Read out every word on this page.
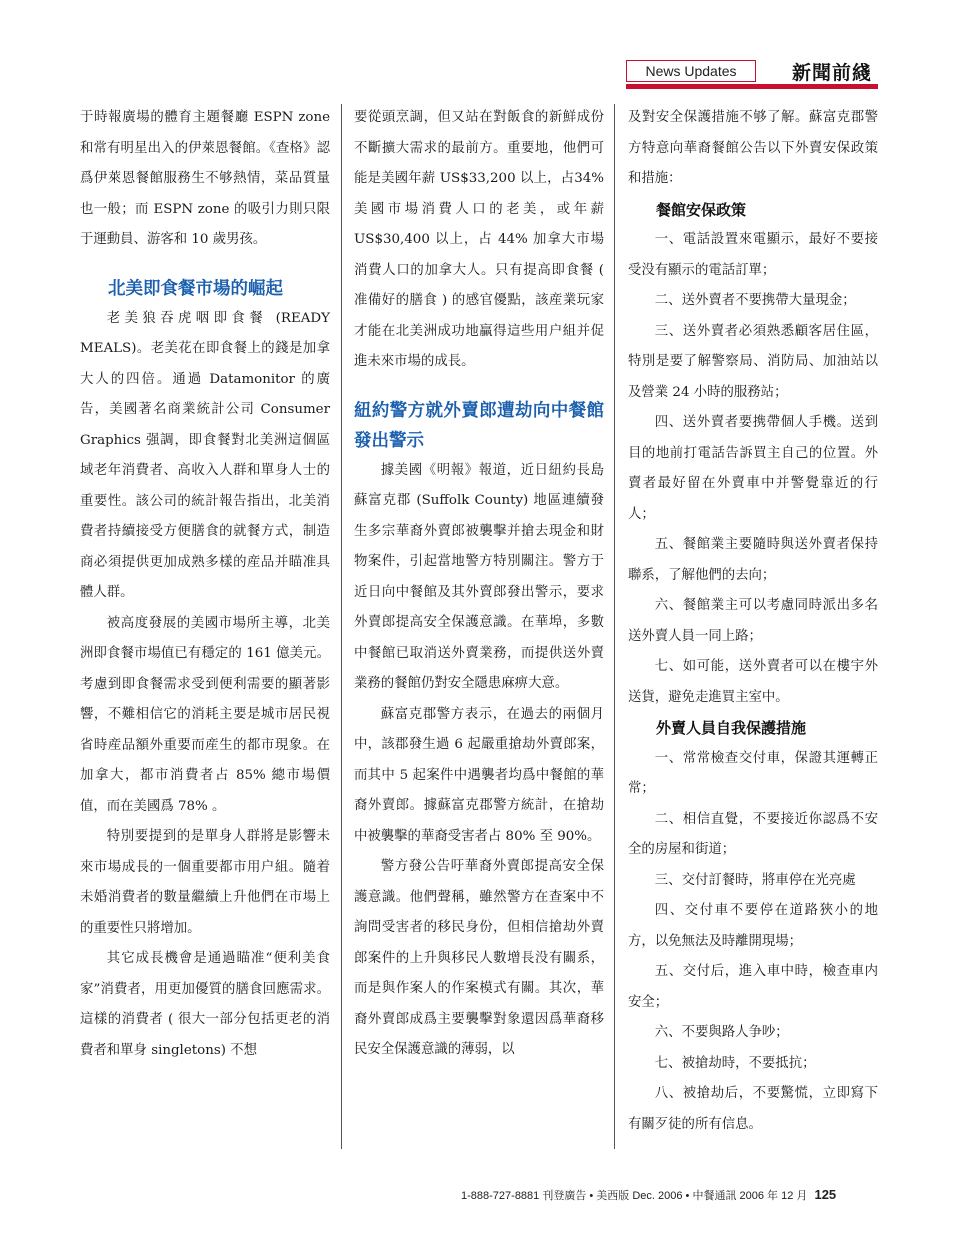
News Updates	新聞前綫

于時報廣場的體育主題餐廳 ESPN zone 和常有明星出入的伊萊恩餐館。《查格》認爲伊萊恩餐館服務生不够熱情，菜品質量也一般；而 ESPN zone 的吸引力則只限于運動員、游客和 10 歲男孩。

北美即食餐市場的崛起

老美狼吞虎咽即食餐 (READY MEALS)。老美花在即食餐上的錢是加拿大人的四倍。通過 Datamonitor 的廣告，美國著名商業統計公司 Consumer Graphics 强調，即食餐對北美洲這個區域老年消費者、高收入人群和單身人士的重要性。該公司的統計報告指出，北美消費者持續接受方便膳食的就餐方式，制造商必須提供更加成熟多樣的産品并瞄准具體人群。

被高度發展的美國市場所主導，北美洲即食餐市場值已有穩定的 161 億美元。考慮到即食餐需求受到便利需要的顯著影響，不難相信它的消耗主要是城市居民視省時産品額外重要而産生的都市現象。在加拿大，都市消費者占 85% 總市場價值，而在美國爲 78% 。

特別要提到的是單身人群將是影響未來市場成長的一個重要都市用户組。隨着未婚消費者的數量繼續上升他們在市場上的重要性只將增加。

其它成長機會是通過瞄准“便利美食家”消費者，用更加優質的膳食回應需求。這樣的消費者 ( 很大一部分包括更老的消費者和單身 singletons) 不想

要從頭烹調，但又站在對飯食的新鮮成份不斷擴大需求的最前方。重要地，他們可能是美國年薪 US$33,200 以上，占34% 美國市場消費人口的老美，或年薪 US$30,400 以上，占 44% 加拿大市場消費人口的加拿大人。只有提高即食餐 ( 准備好的膳食 ) 的感官優點，該産業玩家才能在北美洲成功地贏得這些用户組并促進未來市場的成長。

紐約警方就外賣郎遭劫向中餐館發出警示

據美國《明報》報道，近日紐約長島蘇富克郡 (Suffolk County) 地區連續發生多宗華裔外賣郎被襲擊并搶去現金和財物案件，引起當地警方特別關注。警方于近日向中餐館及其外賣郎發出警示，要求外賣郎提高安全保護意識。在華埠，多數中餐館已取消送外賣業務，而提供送外賣業務的餐館仍對安全隱患麻痹大意。

蘇富克郡警方表示，在過去的兩個月中，該郡發生過 6 起嚴重搶劫外賣郎案，而其中 5 起案件中遇襲者均爲中餐館的華裔外賣郎。據蘇富克郡警方統計，在搶劫中被襲擊的華裔受害者占 80% 至 90%。

警方發公告吁華裔外賣郎提高安全保護意識。他們聲稱，雖然警方在查案中不詢問受害者的移民身份，但相信搶劫外賣郎案件的上升與移民人數增長没有關系，而是與作案人的作案模式有關。其次，華裔外賣郎成爲主要襲擊對象還因爲華裔移民安全保護意識的薄弱，以

及對安全保護措施不够了解。蘇富克郡警方特意向華裔餐館公告以下外賣安保政策和措施：

餐館安保政策

一、電話設置來電顯示，最好不要接受没有顯示的電話訂單；

二、送外賣者不要携帶大量現金；

三、送外賣者必須熟悉顧客居住區，特別是要了解警察局、消防局、加油站以及營業 24 小時的服務站；

四、送外賣者要携帶個人手機。送到目的地前打電話告訴買主自己的位置。外賣者最好留在外賣車中并警覺靠近的行人；

五、餐館業主要隨時與送外賣者保持聯系，了解他們的去向；

六、餐館業主可以考慮同時派出多名送外賣人員一同上路；

七、如可能，送外賣者可以在樓宇外送貨，避免走進買主室中。

外賣人員自我保護措施

一、常常檢查交付車，保證其運轉正常；

二、相信直覺，不要接近你認爲不安全的房屋和街道；

三、交付訂餐時，將車停在光亮處

四、交付車不要停在道路狹小的地方，以免無法及時離開現場；

五、交付后，進入車中時，檢查車内安全；

六、不要與路人争吵；

七、被搶劫時，不要抵抗；

八、被搶劫后，不要驚慌，立即寫下有關歹徒的所有信息。

1-888-727-8881 刊登廣告 • 美西版 Dec. 2006 • 中餐通訊 2006 年 12 月 125
